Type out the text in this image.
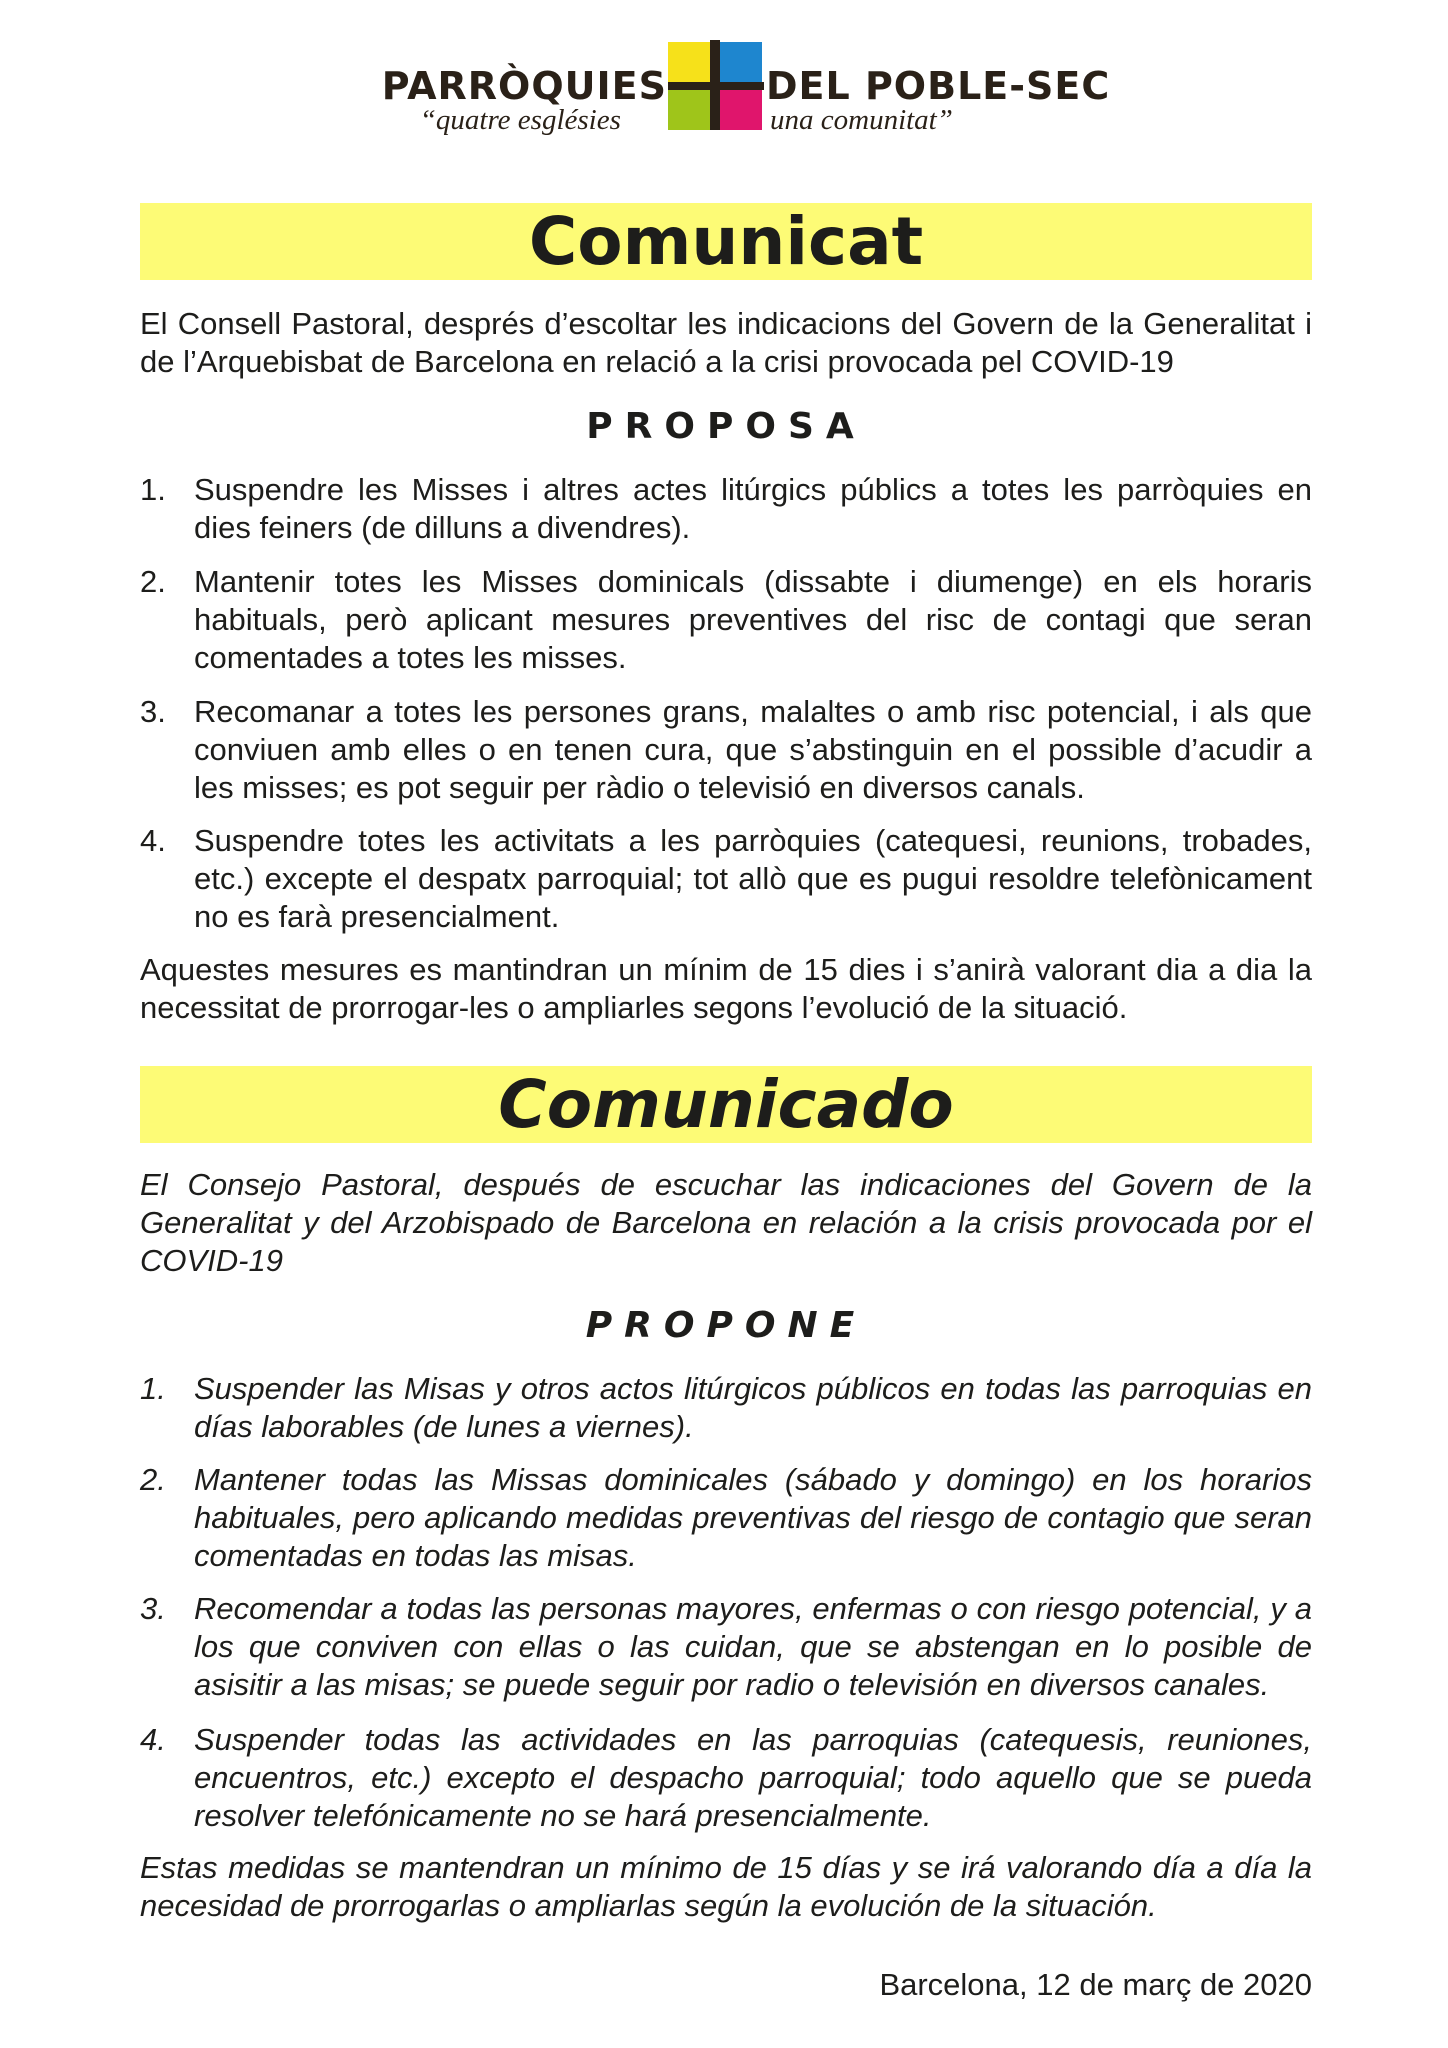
PARRÒQUIES
“quatre esglésies
DEL POBLE-SEC
una comunitat”
Comunicat

El Consell Pastoral, després d’escoltar les indicacions del Govern de la Generalitat i de l’Arquebisbat de Barcelona en relació a la crisi provocada pel COVID-19

PROPOSA

1. Suspendre les Misses i altres actes litúrgics públics a totes les parròquies en dies feiners (de dilluns a divendres).

2. Mantenir totes les Misses dominicals (dissabte i diumenge) en els horaris habituals, però aplicant mesures preventives del risc de contagi que seran comentades a totes les misses.

3. Recomanar a totes les persones grans, malaltes o amb risc potencial, i als que conviuen amb elles o en tenen cura, que s’abstinguin en el possible d’acudir a les misses; es pot seguir per ràdio o televisió en diversos canals.

4. Suspendre totes les activitats a les parròquies (catequesi, reunions, trobades, etc.) excepte el despatx parroquial; tot allò que es pugui resoldre telefònicament no es farà presencialment.

Aquestes mesures es mantindran un mínim de 15 dies i s’anirà valorant dia a dia la necessitat de prorrogar-les o ampliarles segons l’evolució de la situació.

Comunicado

El Consejo Pastoral, después de escuchar las indicaciones del Govern de la Generalitat y del Arzobispado de Barcelona en relación a la crisis provocada por el COVID-19

PROPONE

1. Suspender las Misas y otros actos litúrgicos públicos en todas las parroquias en días laborables (de lunes a viernes).

2. Mantener todas las Missas dominicales (sábado y domingo) en los horarios habituales, pero aplicando medidas preventivas del riesgo de contagio que seran comentadas en todas las misas.

3. Recomendar a todas las personas mayores, enfermas o con riesgo potencial, y a los que conviven con ellas o las cuidan, que se abstengan en lo posible de asisitir a las misas; se puede seguir por radio o televisión en diversos canales.

4. Suspender todas las actividades en las parroquias (catequesis, reuniones, encuentros, etc.) excepto el despacho parroquial; todo aquello que se pueda resolver telefónicamente no se hará presencialmente.

Estas medidas se mantendran un mínimo de 15 días y se irá valorando día a día la necesidad de prorrogarlas o ampliarlas según la evolución de la situación.

Barcelona, 12 de març de 2020
